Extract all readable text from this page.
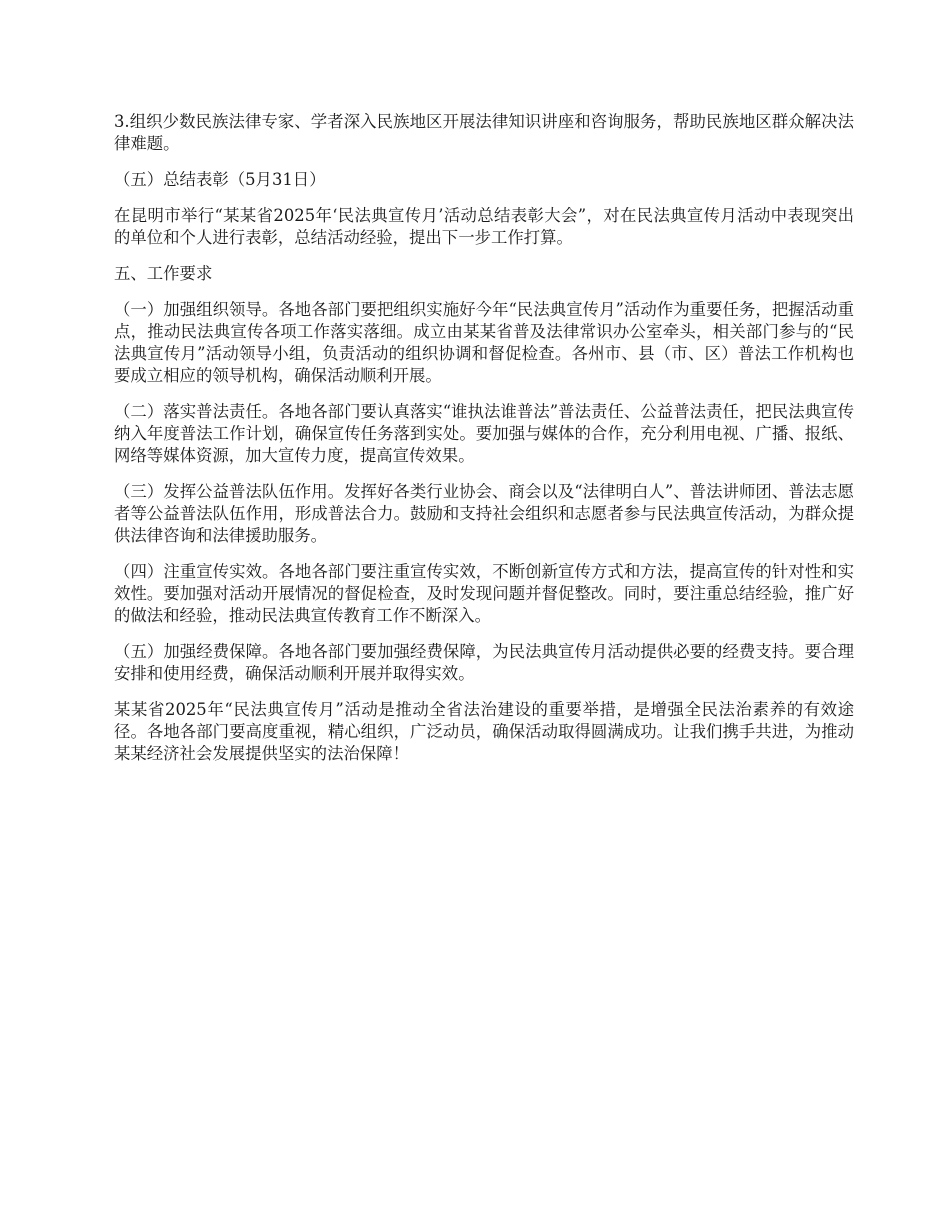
3.组织少数民族法律专家、学者深入民族地区开展法律知识讲座和咨询服务，帮助民族地区群众解决法律难题。

（五）总结表彰（5月31日）

在昆明市举行“某某省2025年‘民法典宣传月’活动总结表彰大会”，对在民法典宣传月活动中表现突出的单位和个人进行表彰，总结活动经验，提出下一步工作打算。

五、工作要求

（一）加强组织领导。各地各部门要把组织实施好今年“民法典宣传月”活动作为重要任务，把握活动重点，推动民法典宣传各项工作落实落细。成立由某某省普及法律常识办公室牵头，相关部门参与的“民法典宣传月”活动领导小组，负责活动的组织协调和督促检查。各州市、县（市、区）普法工作机构也要成立相应的领导机构，确保活动顺利开展。

（二）落实普法责任。各地各部门要认真落实“谁执法谁普法”普法责任、公益普法责任，把民法典宣传纳入年度普法工作计划，确保宣传任务落到实处。要加强与媒体的合作，充分利用电视、广播、报纸、网络等媒体资源，加大宣传力度，提高宣传效果。

（三）发挥公益普法队伍作用。发挥好各类行业协会、商会以及“法律明白人”、普法讲师团、普法志愿者等公益普法队伍作用，形成普法合力。鼓励和支持社会组织和志愿者参与民法典宣传活动，为群众提供法律咨询和法律援助服务。

（四）注重宣传实效。各地各部门要注重宣传实效，不断创新宣传方式和方法，提高宣传的针对性和实效性。要加强对活动开展情况的督促检查，及时发现问题并督促整改。同时，要注重总结经验，推广好的做法和经验，推动民法典宣传教育工作不断深入。

（五）加强经费保障。各地各部门要加强经费保障，为民法典宣传月活动提供必要的经费支持。要合理安排和使用经费，确保活动顺利开展并取得实效。

某某省2025年“民法典宣传月”活动是推动全省法治建设的重要举措，是增强全民法治素养的有效途径。各地各部门要高度重视，精心组织，广泛动员，确保活动取得圆满成功。让我们携手共进，为推动某某经济社会发展提供坚实的法治保障！
